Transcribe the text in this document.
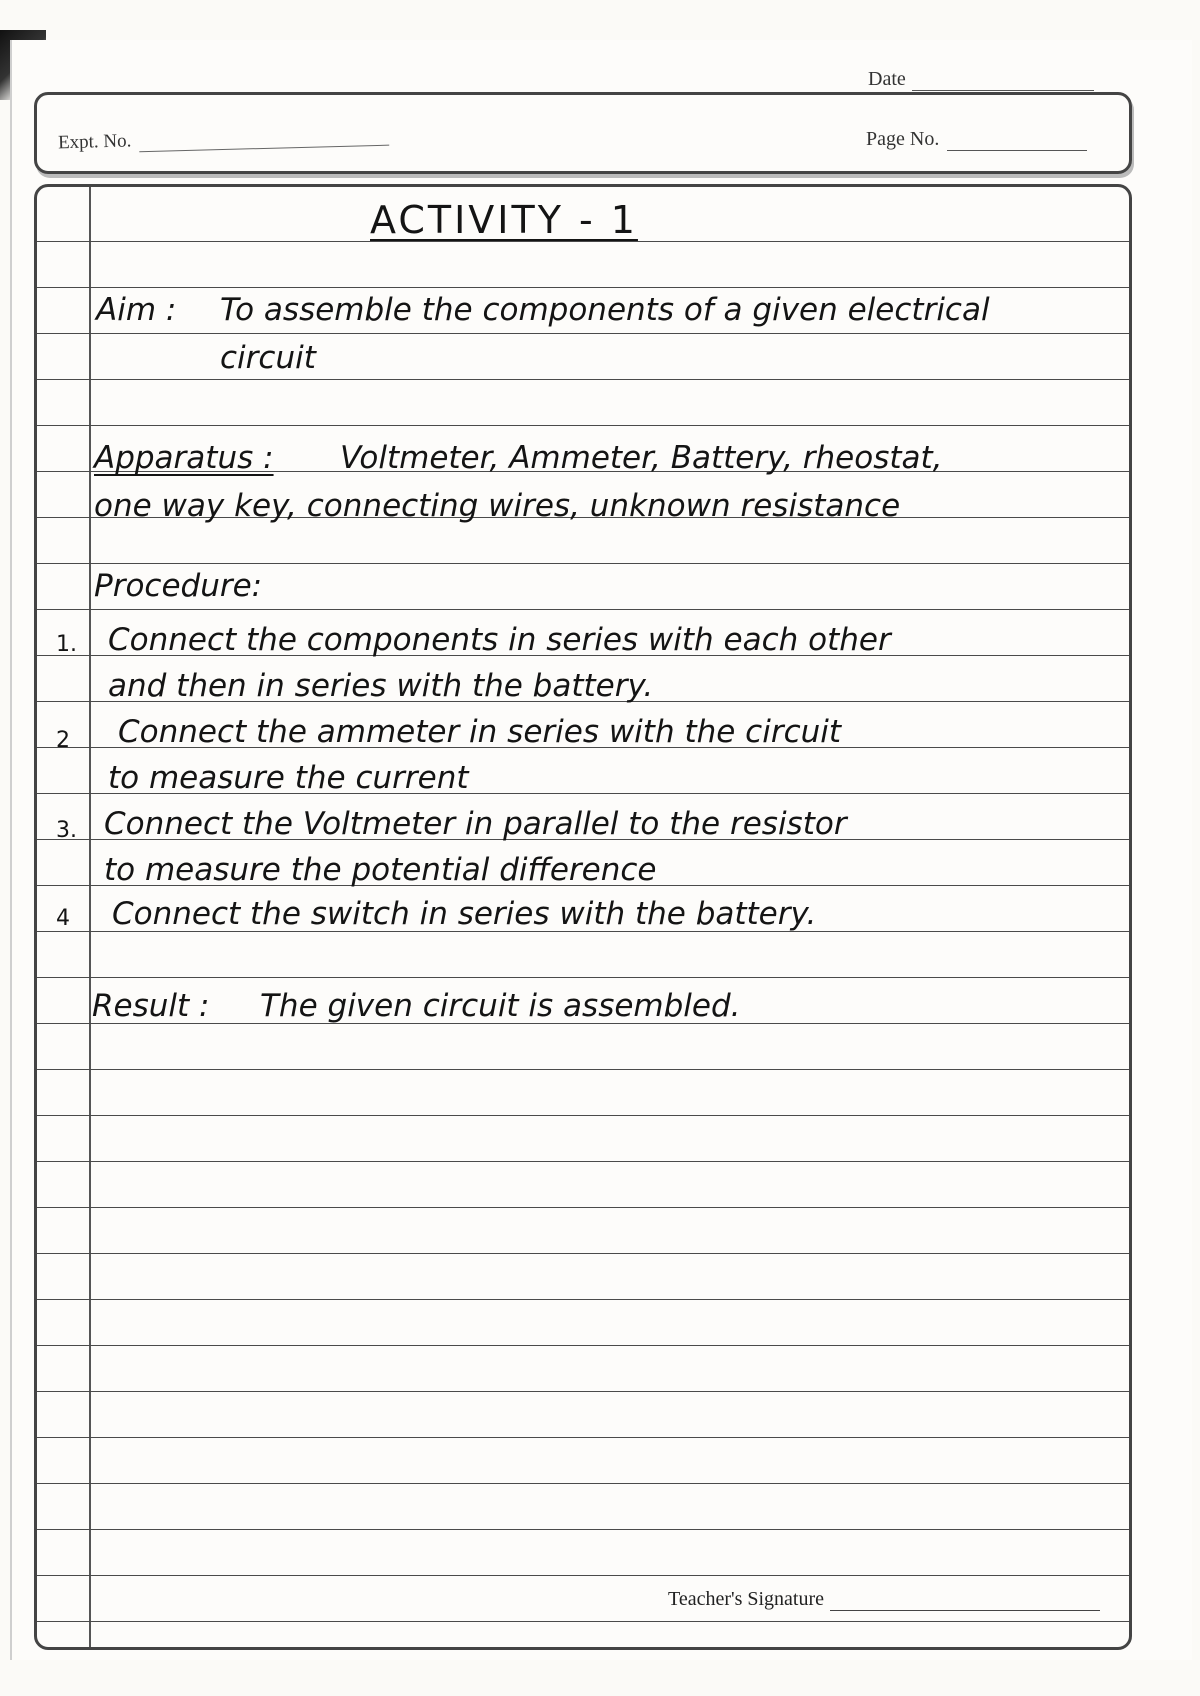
Date
Expt. No.	Page No.
ACTIVITY - 1
Aim : To assemble the components of a given electrical
circuit
Apparatus : Voltmeter, Ammeter, Battery, rheostat,
one way key, connecting wires, unknown resistance
Procedure:
1. Connect the components in series with each other
and then in series with the battery.
2 Connect the ammeter in series with the circuit
to measure the current
3. Connect the Voltmeter in parallel to the resistor
to measure the potential difference
4 Connect the switch in series with the battery.
Result : The given circuit is assembled.
Teacher's Signature
